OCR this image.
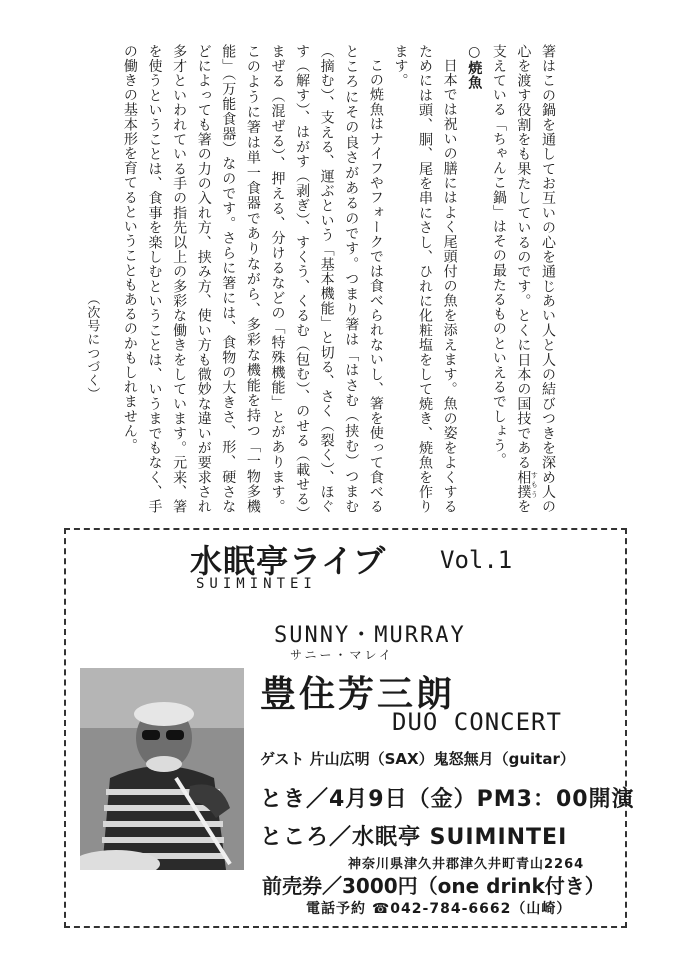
箸はこの鍋を通してお互いの心を通じあい人と人の結びつきを深め人の心を渡す役割をも果たしているのです。とくに日本の国技である相撲 すもうを支えている「ちゃんこ鍋」はその最たるものといえるでしょう。

○焼魚

日本では祝いの膳にはよく尾頭付の魚を添えます。魚の姿をよくするためには頭、胴、尾を串にさし、ひれに化粧塩をして焼き、焼魚を作ります。

この焼魚はナイフやフォークでは食べられないし、箸を使って食べるところにその良さがあるのです。つまり箸は「はさむ（挟む）つまむ（摘む）、支える、運ぶという「基本機能」と切る、さく（裂く）、ほぐす（解す）、はがす（剥ぎ）、すくう、くるむ（包む）、のせる（載せる）まぜる（混ぜる）、押える、分けるなどの「特殊機能」とがあります。このように箸は単一食器でありながら、多彩な機能を持つ「一物多機能」（万能食器）なのです。さらに箸には、食物の大きさ、形、硬さなどによっても箸の力の入れ方、挟み方、使い方も微妙な違いが要求され多才といわれている手の指先以上の多彩な働きをしています。元来、箸を使うということは、食事を楽しむということは、いうまでもなく、手の働きの基本形を育てるということもあるのかもしれません。

（次号につづく）

水眠亭ライブ Vol.1
SUIMINTEI
SUNNY・MURRAY
サニー・マレイ
豊住芳三朗
DUO CONCERT
ゲスト 片山広明（SAX）鬼怒無月（guitar）
とき／4月9日（金）PM3：00開演
ところ／水眠亭 SUIMINTEI
神奈川県津久井郡津久井町青山2264
前売券／3000円（one drink付き）
電話予約 ☎042-784-6662（山崎）
